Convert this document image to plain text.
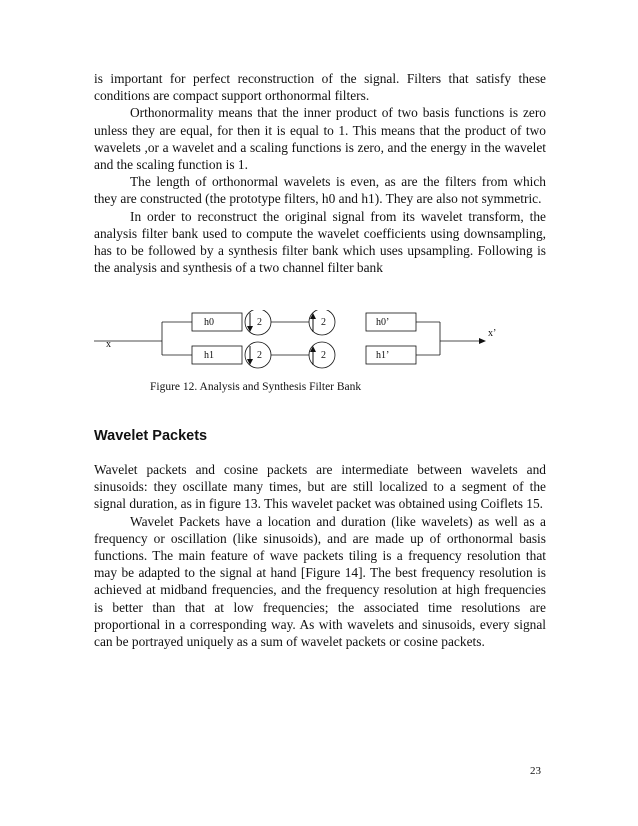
is important for perfect reconstruction of the signal. Filters that satisfy these conditions are compact support orthonormal filters.

Orthonormality means that the inner product of two basis functions is zero unless they are equal, for then it is equal to 1. This means that the product of two wavelets ,or a wavelet and a scaling functions is zero, and the energy in the wavelet and the scaling function is 1.

The length of orthonormal wavelets is even, as are the filters from which they are constructed (the prototype filters, h0 and h1). They are also not symmetric.

In order to reconstruct the original signal from its wavelet transform, the analysis filter bank used to compute the wavelet coefficients using downsampling, has to be followed by a synthesis filter bank which uses upsampling. Following is the analysis and synthesis of a two channel filter bank

x
x’
h0
h1
2
2
2
2
h0’
h1’
Figure 12. Analysis and Synthesis Filter Bank
Wavelet Packets

Wavelet packets and cosine packets are intermediate between wavelets and sinusoids: they oscillate many times, but are still localized to a segment of the signal duration, as in figure 13. This wavelet packet was obtained using Coiflets 15.

Wavelet Packets have a location and duration (like wavelets) as well as a frequency or oscillation (like sinusoids), and are made up of orthonormal basis functions. The main feature of wave packets tiling is a frequency resolution that may be adapted to the signal at hand [Figure 14]. The best frequency resolution is achieved at midband frequencies, and the frequency resolution at high frequencies is better than that at low frequencies; the associated time resolutions are proportional in a corresponding way. As with wavelets and sinusoids, every signal can be portrayed uniquely as a sum of wavelet packets or cosine packets.

23
